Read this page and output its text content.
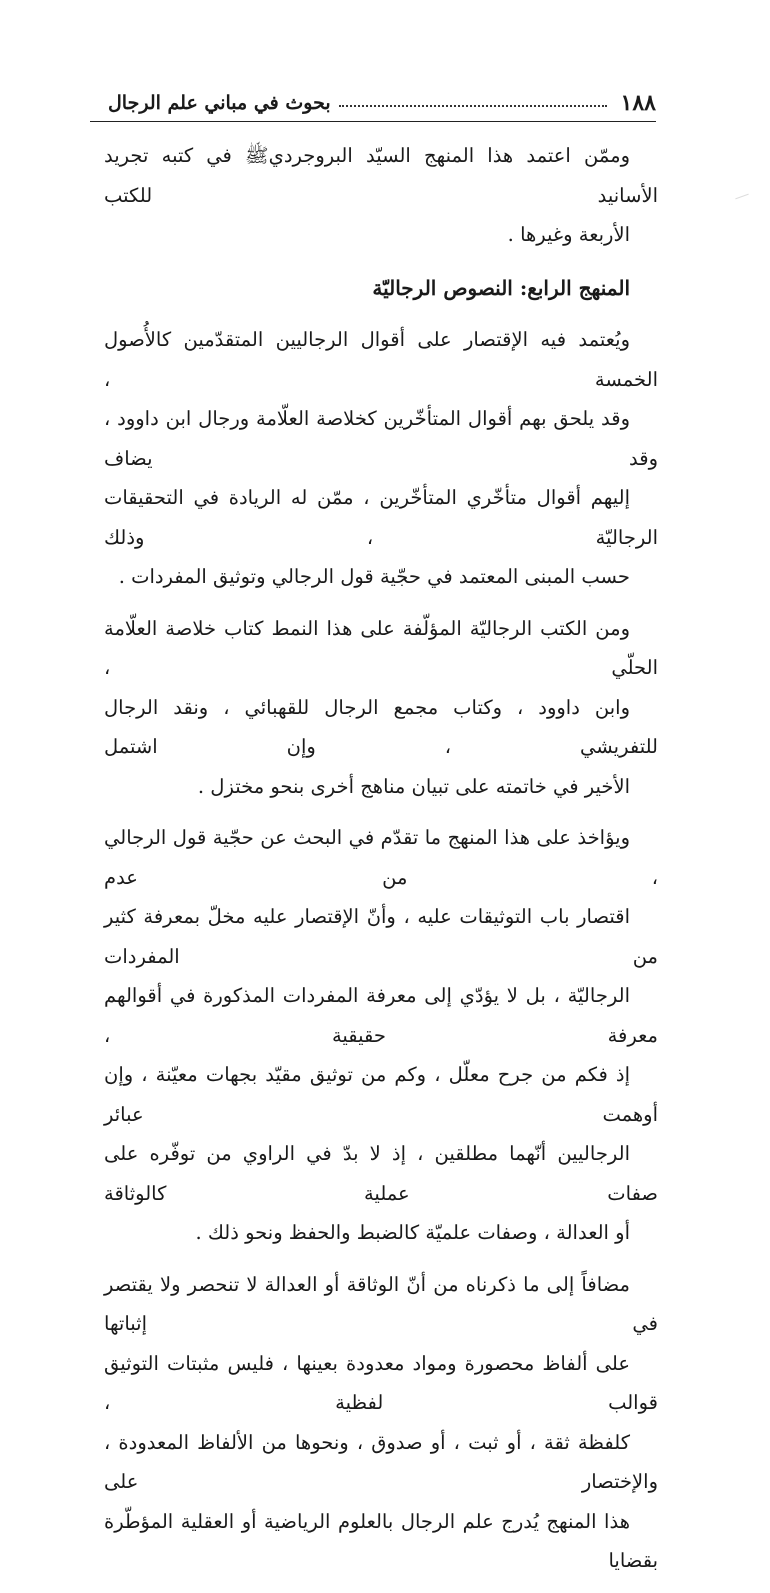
١٨٨
بحوث في مباني علم الرجال
وممّن اعتمد هذا المنهج السيّد البروجرديﷺ في كتبه تجريد الأسانيد للكتب
الأربعة وغيرها .
المنهج الرابع: النصوص الرجاليّة
ويُعتمد فيه الإقتصار على أقوال الرجاليين المتقدّمين كالأُصول الخمسة ،
وقد يلحق بهم أقوال المتأخّرين كخلاصة العلّامة ورجال ابن داوود ، وقد يضاف
إليهم أقوال متأخّري المتأخّرين ، ممّن له الريادة في التحقيقات الرجاليّة ، وذلك
حسب المبنى المعتمد في حجّية قول الرجالي وتوثيق المفردات .
ومن الكتب الرجاليّة المؤلّفة على هذا النمط كتاب خلاصة العلّامة الحلّي ،
وابن داوود ، وكتاب مجمع الرجال للقهبائي ، ونقد الرجال للتفريشي ، وإن اشتمل
الأخير في خاتمته على تبيان مناهج أخرى بنحو مختزل .
ويؤاخذ على هذا المنهج ما تقدّم في البحث عن حجّية قول الرجالي ، من عدم
اقتصار باب التوثيقات عليه ، وأنّ الإقتصار عليه مخلّ بمعرفة كثير من المفردات
الرجاليّة ، بل لا يؤدّي إلى معرفة المفردات المذكورة في أقوالهم معرفة حقيقية ،
إذ فكم من جرح معلّل ، وكم من توثيق مقيّد بجهات معيّنة ، وإن أوهمت عبائر
الرجاليين أنّهما مطلقين ، إذ لا بدّ في الراوي من توفّره على صفات عملية كالوثاقة
أو العدالة ، وصفات علميّة كالضبط والحفظ ونحو ذلك .
مضافاً إلى ما ذكرناه من أنّ الوثاقة أو العدالة لا تنحصر ولا يقتصر في إثباتها
على ألفاظ محصورة ومواد معدودة بعينها ، فليس مثبتات التوثيق قوالب لفظية ،
كلفظة ثقة ، أو ثبت ، أو صدوق ، ونحوها من الألفاظ المعدودة ، والإختصار على
هذا المنهج يُدرج علم الرجال بالعلوم الرياضية أو العقلية المؤطّرة بقضايا
